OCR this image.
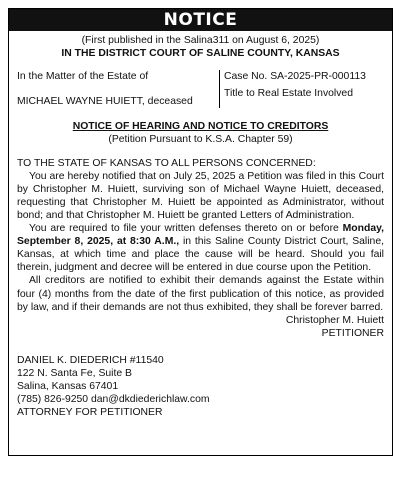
NOTICE
(First published in the Salina311 on August 6, 2025)
IN THE DISTRICT COURT OF SALINE COUNTY, KANSAS
In the Matter of the Estate of
MICHAEL WAYNE HUIETT, deceased
Case No. SA-2025-PR-000113
Title to Real Estate Involved
NOTICE OF HEARING AND NOTICE TO CREDITORS
(Petition Pursuant to K.S.A. Chapter 59)

TO THE STATE OF KANSAS TO ALL PERSONS CONCERNED:

You are hereby notified that on July 25, 2025 a Petition was filed in this Court by Christopher M. Huiett, surviving son of Michael Wayne Huiett, deceased, requesting that Christopher M. Huiett be appointed as Administrator, without bond; and that Christopher M. Huiett be granted Letters of Administration.

You are required to file your written defenses thereto on or before Monday, September 8, 2025, at 8:30 A.M., in this Saline County District Court, Saline, Kansas, at which time and place the cause will be heard. Should you fail therein, judgment and decree will be entered in due course upon the Petition.

All creditors are notified to exhibit their demands against the Estate within four (4) months from the date of the first publication of this notice, as provided by law, and if their demands are not thus exhibited, they shall be forever barred.

Christopher M. Huiett
PETITIONER
DANIEL K. DIEDERICH #11540
122 N. Santa Fe, Suite B
Salina, Kansas 67401
(785) 826-9250 dan@dkdiederichlaw.com
ATTORNEY FOR PETITIONER
